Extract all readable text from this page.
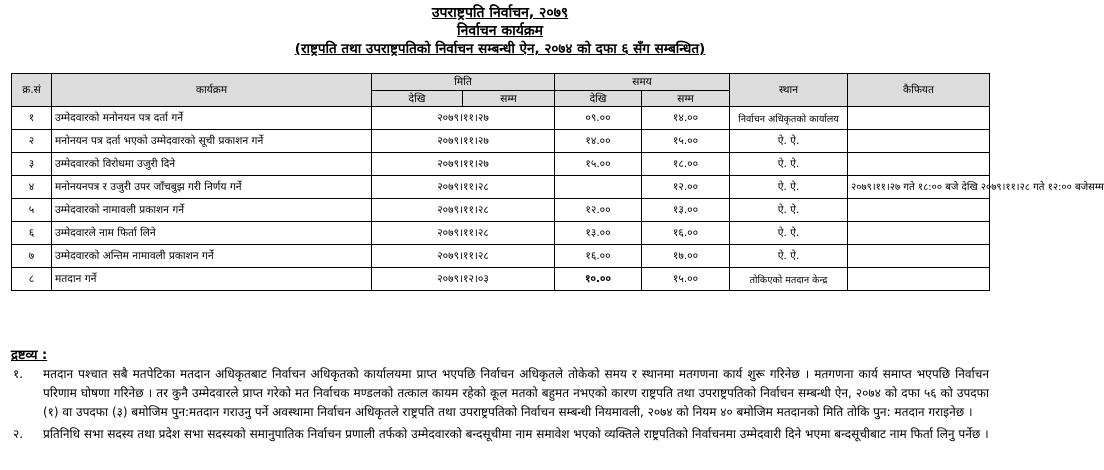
उपराष्ट्रपति निर्वाचन, २०७९
निर्वाचन कार्यक्रम
(राष्ट्रपति तथा उपराष्ट्रपतिको निर्वाचन सम्बन्धी ऐन, २०७४ को दफा ६ सँग सम्बन्धित)
क्र.सं	कार्यक्रम	मिति		समय		स्थान	कैफियत
		देखि	सम्म	देखि	सम्म		
१	उम्मेदवारको मनोनयन पत्र दर्ता गर्ने	२०७९।११।२७		०९.००	१४.००	निर्वाचन अधिकृतको कार्यालय	
२	मनोनयन पत्र दर्ता भएको उम्मेदवारको सूची प्रकाशन गर्ने	२०७९।११।२७		१४.००	१५.००	ऐ. ऐ.	
३	उम्मेदवारको विरोधमा उजुरी दिने	२०७९।११।२७		१५.००	१८.००	ऐ. ऐ.	
४	मनोनयनपत्र र उजुरी उपर जाँचबुझ गरी निर्णय गर्ने	२०७९।११।२८			१२.००	ऐ. ऐ.	२०७९।११।२७ गते १८:०० बजे देखि २०७९।११।२८ गते १२:०० बजेसम्म
५	उम्मेदवारको नामावली प्रकाशन गर्ने	२०७९।११।२८		१२.००	१३.००	ऐ. ऐ.	
६	उम्मेदवारले नाम फिर्ता लिने	२०७९।११।२८		१३.००	१६.००	ऐ. ऐ.	
७	उम्मेदवारको अन्तिम नामावली प्रकाशन गर्ने	२०७९।११।२८		१६.००	१७.००	ऐ. ऐ.	
८	मतदान गर्ने	२०७९।१२।०३		१०.००	१५.००	तोकिएको मतदान केन्द्र	
द्रष्टव्य :
१.	मतदान पश्चात सबै मतपेटिका मतदान अधिकृतबाट निर्वाचन अधिकृतको कार्यालयमा प्राप्त भएपछि निर्वाचन अधिकृतले तोकेको समय र स्थानमा मतगणना कार्य शुरू गरिनेछ । मतगणना कार्य समाप्त भएपछि निर्वाचन परिणाम घोषणा गरिनेछ । तर कुनै उम्मेदवारले प्राप्त गरेको मत निर्वाचक मण्डलको तत्काल कायम रहेको कूल मतको बहुमत नभएको कारण राष्ट्रपति तथा उपराष्ट्रपतिको निर्वाचन सम्बन्धी ऐन, २०७४ को दफा ५६ को उपदफा (१) वा उपदफा (३) बमोजिम पुन:मतदान गराउनु पर्ने अवस्थामा निर्वाचन अधिकृतले राष्ट्रपति तथा उपराष्ट्रपतिको निर्वाचन सम्बन्धी नियमावली, २०७४ को नियम ४० बमोजिम मतदानको मिति तोकि पुन: मतदान गराइनेछ ।
२.	प्रतिनिधि सभा सदस्य तथा प्रदेश सभा सदस्यको समानुपातिक निर्वाचन प्रणाली तर्फको उम्मेदवारको बन्दसूचीमा नाम समावेश भएको व्यक्तिले राष्ट्रपतिको निर्वाचनमा उम्मेदवारी दिने भएमा बन्दसूचीबाट नाम फिर्ता लिनु पर्नेछ ।
